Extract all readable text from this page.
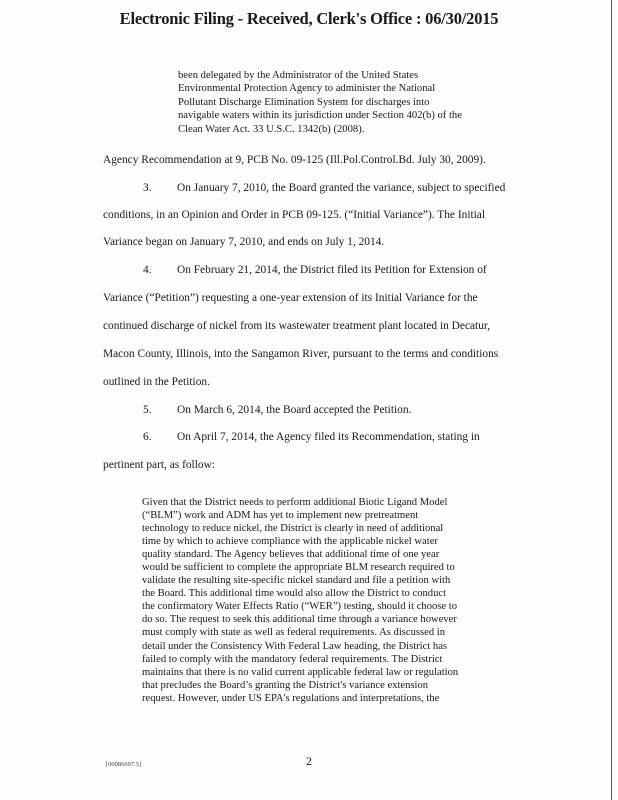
Electronic Filing - Received, Clerk's Office : 06/30/2015
been delegated by the Administrator of the United States
Environmental Protection Agency to administer the National
Pollutant Discharge Elimination System for discharges into
navigable waters within its jurisdiction under Section 402(b) of the
Clean Water Act. 33 U.S.C. 1342(b) (2008).
Agency Recommendation at 9, PCB No. 09-125 (Ill.Pol.Control.Bd. July 30, 2009).
3. On January 7, 2010, the Board granted the variance, subject to specified
conditions, in an Opinion and Order in PCB 09-125. (“Initial Variance”). The Initial
Variance began on January 7, 2010, and ends on July 1, 2014.
4. On February 21, 2014, the District filed its Petition for Extension of
Variance (“Petition”) requesting a one-year extension of its Initial Variance for the
continued discharge of nickel from its wastewater treatment plant located in Decatur,
Macon County, Illinois, into the Sangamon River, pursuant to the terms and conditions
outlined in the Petition.
5. On March 6, 2014, the Board accepted the Petition.
6. On April 7, 2014, the Agency filed its Recommendation, stating in
pertinent part, as follow:
Given that the District needs to perform additional Biotic Ligand Model
(“BLM”) work and ADM has yet to implement new pretreatment
technology to reduce nickel, the District is clearly in need of additional
time by which to achieve compliance with the applicable nickel water
quality standard. The Agency believes that additional time of one year
would be sufficient to complete the appropriate BLM research required to
validate the resulting site-specific nickel standard and file a petition with
the Board. This additional time would also allow the District to conduct
the confirmatory Water Effects Ratio (“WER”) testing, should it choose to
do so. The request to seek this additional time through a variance however
must comply with state as well as federal requirements. As discussed in
detail under the Consistency With Federal Law heading, the District has
failed to comply with the mandatory federal requirements. The District
maintains that there is no valid current applicable federal law or regulation
that precludes the Board’s granting the District's variance extension
request. However, under US EPA's regulations and interpretations, the
{00086697.5}	2
